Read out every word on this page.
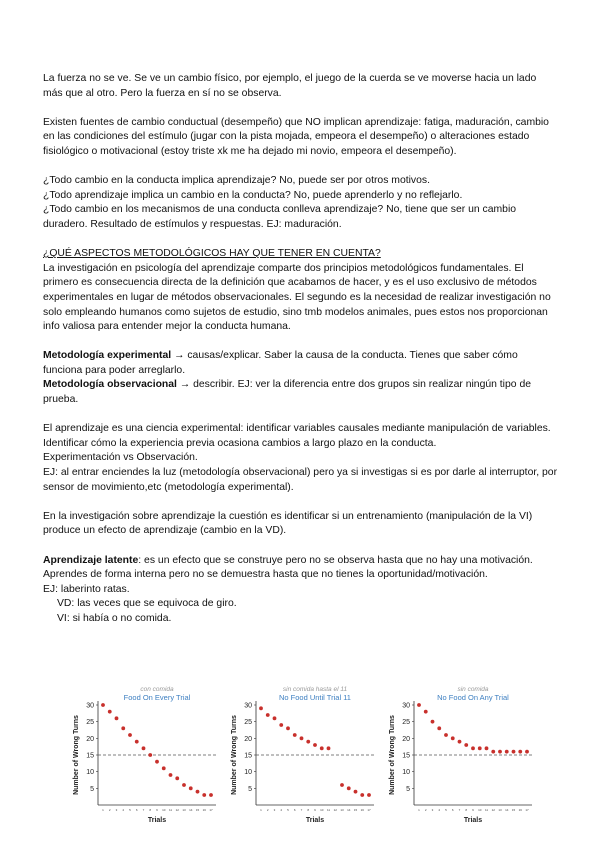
La fuerza no se ve. Se ve un cambio físico, por ejemplo, el juego de la cuerda se ve moverse hacia un lado más que al otro. Pero la fuerza en sí no se observa.

Existen fuentes de cambio conductual (desempeño) que NO implican aprendizaje: fatiga, maduración, cambio en las condiciones del estímulo (jugar con la pista mojada, empeora el desempeño) o alteraciones estado fisiológico o motivacional (estoy triste xk me ha dejado mi novio, empeora el desempeño).

¿Todo cambio en la conducta implica aprendizaje? No, puede ser por otros motivos.

¿Todo aprendizaje implica un cambio en la conducta? No, puede aprenderlo y no reflejarlo.

¿Todo cambio en los mecanismos de una conducta conlleva aprendizaje? No, tiene que ser un cambio duradero. Resultado de estímulos y respuestas. EJ: maduración.

¿QUÉ ASPECTOS METODOLÓGICOS HAY QUE TENER EN CUENTA?

La investigación en psicología del aprendizaje comparte dos principios metodológicos fundamentales. El primero es consecuencia directa de la definición que acabamos de hacer, y es el uso exclusivo de métodos experimentales en lugar de métodos observacionales. El segundo es la necesidad de realizar investigación no solo empleando humanos como sujetos de estudio, sino tmb modelos animales, pues estos nos proporcionan info valiosa para entender mejor la conducta humana.

Metodología experimental → causas/explicar. Saber la causa de la conducta. Tienes que saber cómo funciona para poder arreglarlo.

Metodología observacional → describir. EJ: ver la diferencia entre dos grupos sin realizar ningún tipo de prueba.

El aprendizaje es una ciencia experimental: identificar variables causales mediante manipulación de variables.

Identificar cómo la experiencia previa ocasiona cambios a largo plazo en la conducta.

Experimentación vs Observación.

EJ: al entrar enciendes la luz (metodología observacional) pero ya si investigas si es por darle al interruptor, por sensor de movimiento,etc (metodología experimental).

En la investigación sobre aprendizaje la cuestión es identificar si un entrenamiento (manipulación de la VI) produce un efecto de aprendizaje (cambio en la VD).

Aprendizaje latente: es un efecto que se construye pero no se observa hasta que no hay una motivación. Aprendes de forma interna pero no se demuestra hasta que no tienes la oportunidad/motivación.

EJ: laberinto ratas.

VD: las veces que se equivoca de giro.

VI: si había o no comida.

con comida
Food On Every Trial
5
10
15
20
25
30
1 2 3 4 5 6 7 8 9 10 11 12 13 14 15 16 17
Number of Wrong Turns
Trials
sin comida hasta el 11
No Food Until Trial 11
5
10
15
20
25
30
1 2 3 4 5 6 7 8 9 10 11 12 13 14 15 16 17
Number of Wrong Turns
Trials
sin comida
No Food On Any Trial
5
10
15
20
25
30
1 2 3 4 5 6 7 8 9 10 11 12 13 14 15 16 17
Number of Wrong Turns
Trials
